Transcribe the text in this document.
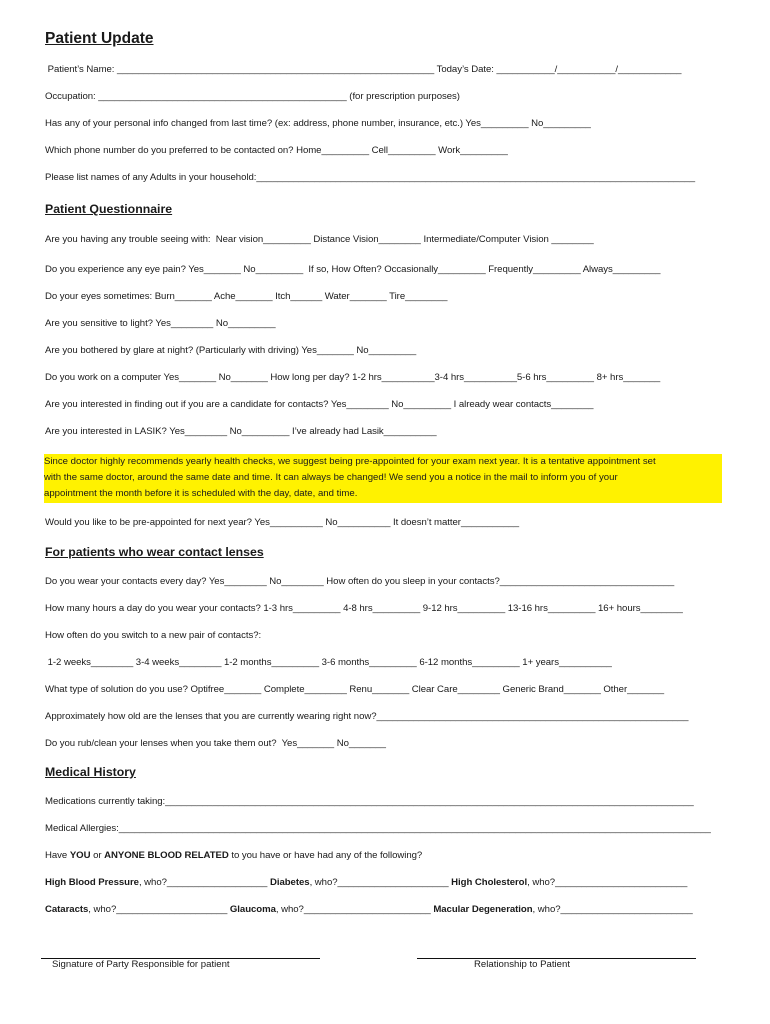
Patient Update
Patient’s Name: ____________________________________________________________ Today’s Date: ___________/___________/____________
Occupation: _______________________________________________ (for prescription purposes)
Has any of your personal info changed from last time? (ex: address, phone number, insurance, etc.) Yes_________ No_________
Which phone number do you preferred to be contacted on? Home_________ Cell_________ Work_________
Please list names of any Adults in your household:___________________________________________________________________________________
Patient Questionnaire
Are you having any trouble seeing with:  Near vision_________ Distance Vision________ Intermediate/Computer Vision ________
Do you experience any eye pain? Yes_______ No_________  If so, How Often? Occasionally_________ Frequently_________ Always_________
Do your eyes sometimes: Burn_______ Ache_______ Itch______ Water_______ Tire________
Are you sensitive to light? Yes________ No_________
Are you bothered by glare at night? (Particularly with driving) Yes_______ No_________
Do you work on a computer Yes_______ No_______ How long per day? 1-2 hrs__________3-4 hrs__________5-6 hrs_________ 8+ hrs_______
Are you interested in finding out if you are a candidate for contacts? Yes________ No_________ I already wear contacts________
Are you interested in LASIK? Yes________ No_________ I’ve already had Lasik__________
Since doctor highly recommends yearly health checks, we suggest being pre-appointed for your exam next year. It is a tentative appointment set
with the same doctor, around the same date and time. It can always be changed! We send you a notice in the mail to inform you of your
appointment the month before it is scheduled with the day, date, and time.
Would you like to be pre-appointed for next year? Yes__________ No__________ It doesn’t matter___________
For patients who wear contact lenses
Do you wear your contacts every day? Yes________ No________ How often do you sleep in your contacts?_________________________________
How many hours a day do you wear your contacts? 1-3 hrs_________ 4-8 hrs_________ 9-12 hrs_________ 13-16 hrs_________ 16+ hours________
How often do you switch to a new pair of contacts?:
1-2 weeks________ 3-4 weeks________ 1-2 months_________ 3-6 months_________ 6-12 months_________ 1+ years__________
What type of solution do you use? Optifree_______ Complete________ Renu_______ Clear Care________ Generic Brand_______ Other_______
Approximately how old are the lenses that you are currently wearing right now?___________________________________________________________
Do you rub/clean your lenses when you take them out?  Yes_______ No_______
Medical History
Medications currently taking:____________________________________________________________________________________________________
Medical Allergies:________________________________________________________________________________________________________________
Have YOU or ANYONE BLOOD RELATED to you have or have had any of the following?
High Blood Pressure, who?___________________ Diabetes, who?_____________________ High Cholesterol, who?_________________________
Cataracts, who?_____________________ Glaucoma, who?________________________ Macular Degeneration, who?_________________________
Signature of Party Responsible for patient	Relationship to Patient
